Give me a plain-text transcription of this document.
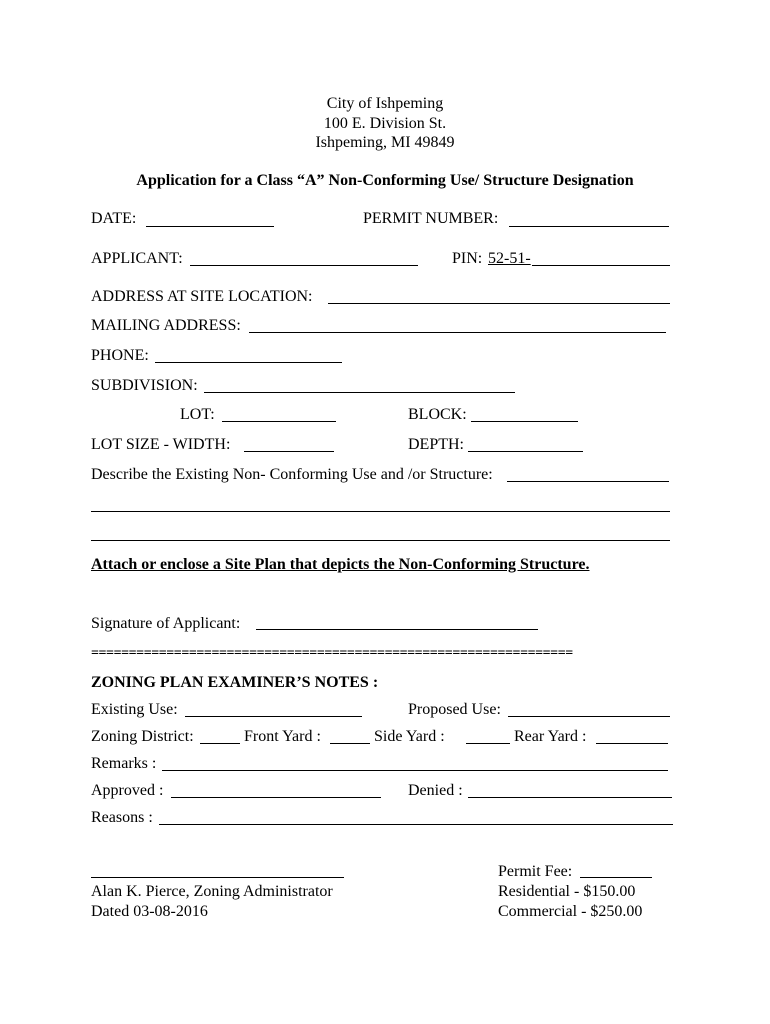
City of Ishpeming
100 E. Division St.
Ishpeming, MI 49849
Application for a Class “A” Non-Conforming Use/ Structure Designation
DATE:	PERMIT NUMBER:
APPLICANT:	PIN: 52-51-
ADDRESS AT SITE LOCATION:
MAILING ADDRESS:
PHONE:
SUBDIVISION:
LOT:	BLOCK:
LOT SIZE - WIDTH:	DEPTH:
Describe the Existing Non- Conforming Use and /or Structure:
Attach or enclose a Site Plan that depicts the Non-Conforming Structure.
Signature of Applicant:
================================================================
ZONING PLAN EXAMINER’S NOTES :
Existing Use:	Proposed Use:
Zoning District:	Front Yard :	Side Yard :	Rear Yard :
Remarks :
Approved :	Denied :
Reasons :
Alan K. Pierce, Zoning Administrator
Dated 03-08-2016
Permit Fee:
Residential - $150.00
Commercial - $250.00
